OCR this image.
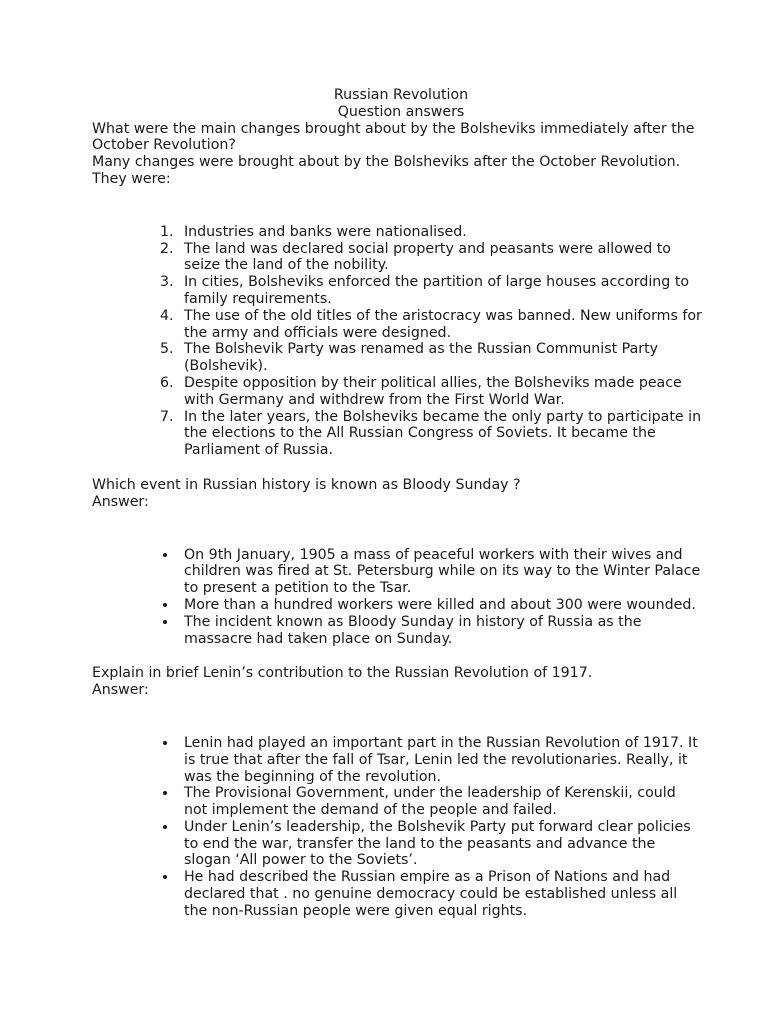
Russian Revolution

Question answers

What were the main changes brought about by the Bolsheviks immediately after the October Revolution?

Many changes were brought about by the Bolsheviks after the October Revolution. They were:

1. Industries and banks were nationalised.
2. The land was declared social property and peasants were allowed to seize the land of the nobility.
3. In cities, Bolsheviks enforced the partition of large houses according to family requirements.
4. The use of the old titles of the aristocracy was banned. New uniforms for the army and officials were designed.
5. The Bolshevik Party was renamed as the Russian Communist Party (Bolshevik).
6. Despite opposition by their political allies, the Bolsheviks made peace with Germany and withdrew from the First World War.
7. In the later years, the Bolsheviks became the only party to participate in the elections to the All Russian Congress of Soviets. It became the Parliament of Russia.

Which event in Russian history is known as Bloody Sunday ?

Answer:

• On 9th January, 1905 a mass of peaceful workers with their wives and children was fired at St. Petersburg while on its way to the Winter Palace to present a petition to the Tsar.
• More than a hundred workers were killed and about 300 were wounded.
• The incident known as Bloody Sunday in history of Russia as the massacre had taken place on Sunday.

Explain in brief Lenin’s contribution to the Russian Revolution of 1917.

Answer:

• Lenin had played an important part in the Russian Revolution of 1917. It is true that after the fall of Tsar, Lenin led the revolutionaries. Really, it was the beginning of the revolution.
• The Provisional Government, under the leadership of Kerenskii, could not implement the demand of the people and failed.
• Under Lenin’s leadership, the Bolshevik Party put forward clear policies to end the war, transfer the land to the peasants and advance the slogan ‘All power to the Soviets’.
• He had described the Russian empire as a Prison of Nations and had declared that . no genuine democracy could be established unless all the non-Russian people were given equal rights.
